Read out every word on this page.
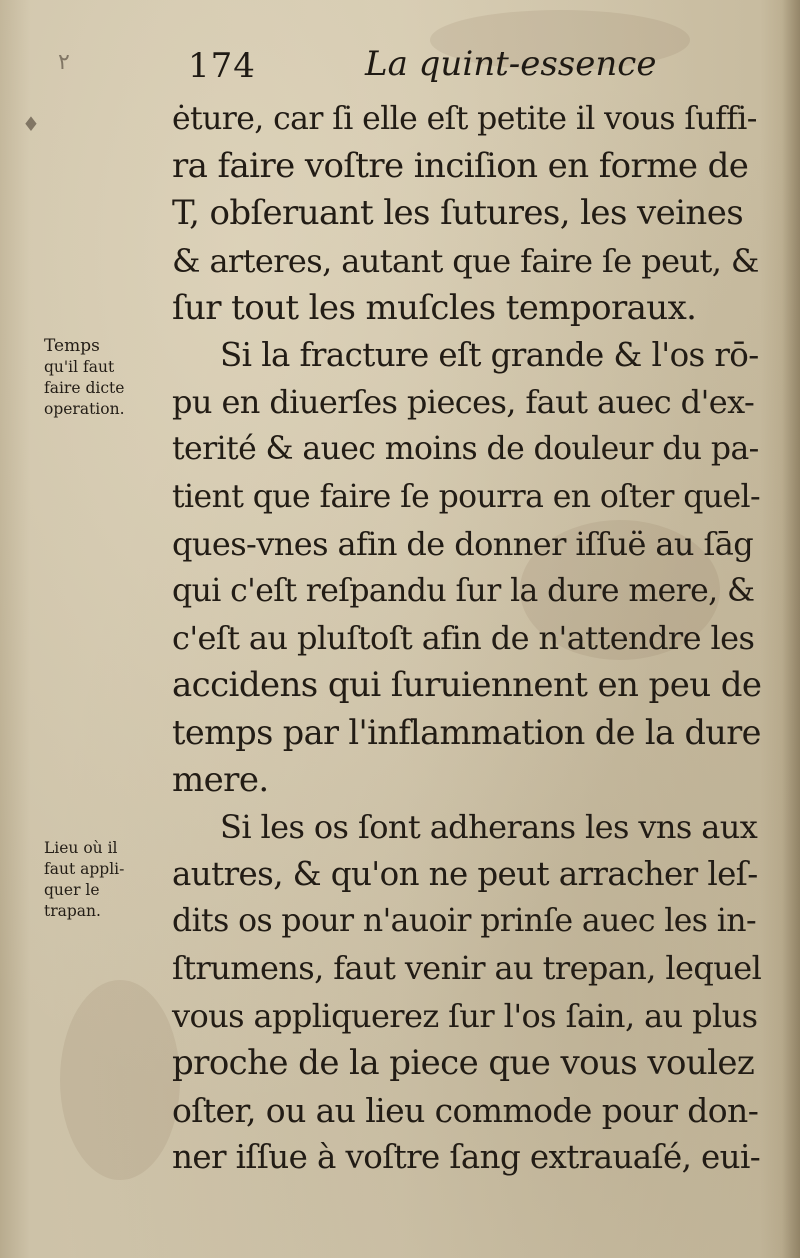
٢
♦
174	La quint-essence
ėture, car ſi elle eſt petite il vous ſuffi-
ra faire voſtre inciſion en forme de
T, obſeruant les ſutures, les veines
& arteres, autant que faire ſe peut, &
ſur tout les muſcles temporaux.
Si la fracture eſt grande & l'os rō-
pu en diuerſes pieces, faut auec d'ex-
terité & auec moins de douleur du pa-
tient que faire ſe pourra en oſter quel-
ques-vnes afin de donner iſſuë au ſāg
qui c'eſt reſpandu ſur la dure mere, &
c'eſt au pluſtoſt afin de n'attendre les
accidens qui ſuruiennent en peu de
temps par l'inflammation de la dure
mere.
Si les os ſont adherans les vns aux
autres, & qu'on ne peut arracher leſ-
dits os pour n'auoir prinſe auec les in-
ſtrumens, faut venir au trepan, lequel
vous appliquerez ſur l'os ſain, au plus
proche de la piece que vous voulez
oſter, ou au lieu commode pour don-
ner iſſue à voſtre ſang extrauaſé, eui-
Temps
qu'il faut
faire dicte
operation.
Lieu où il
faut appli-
quer le
trapan.
